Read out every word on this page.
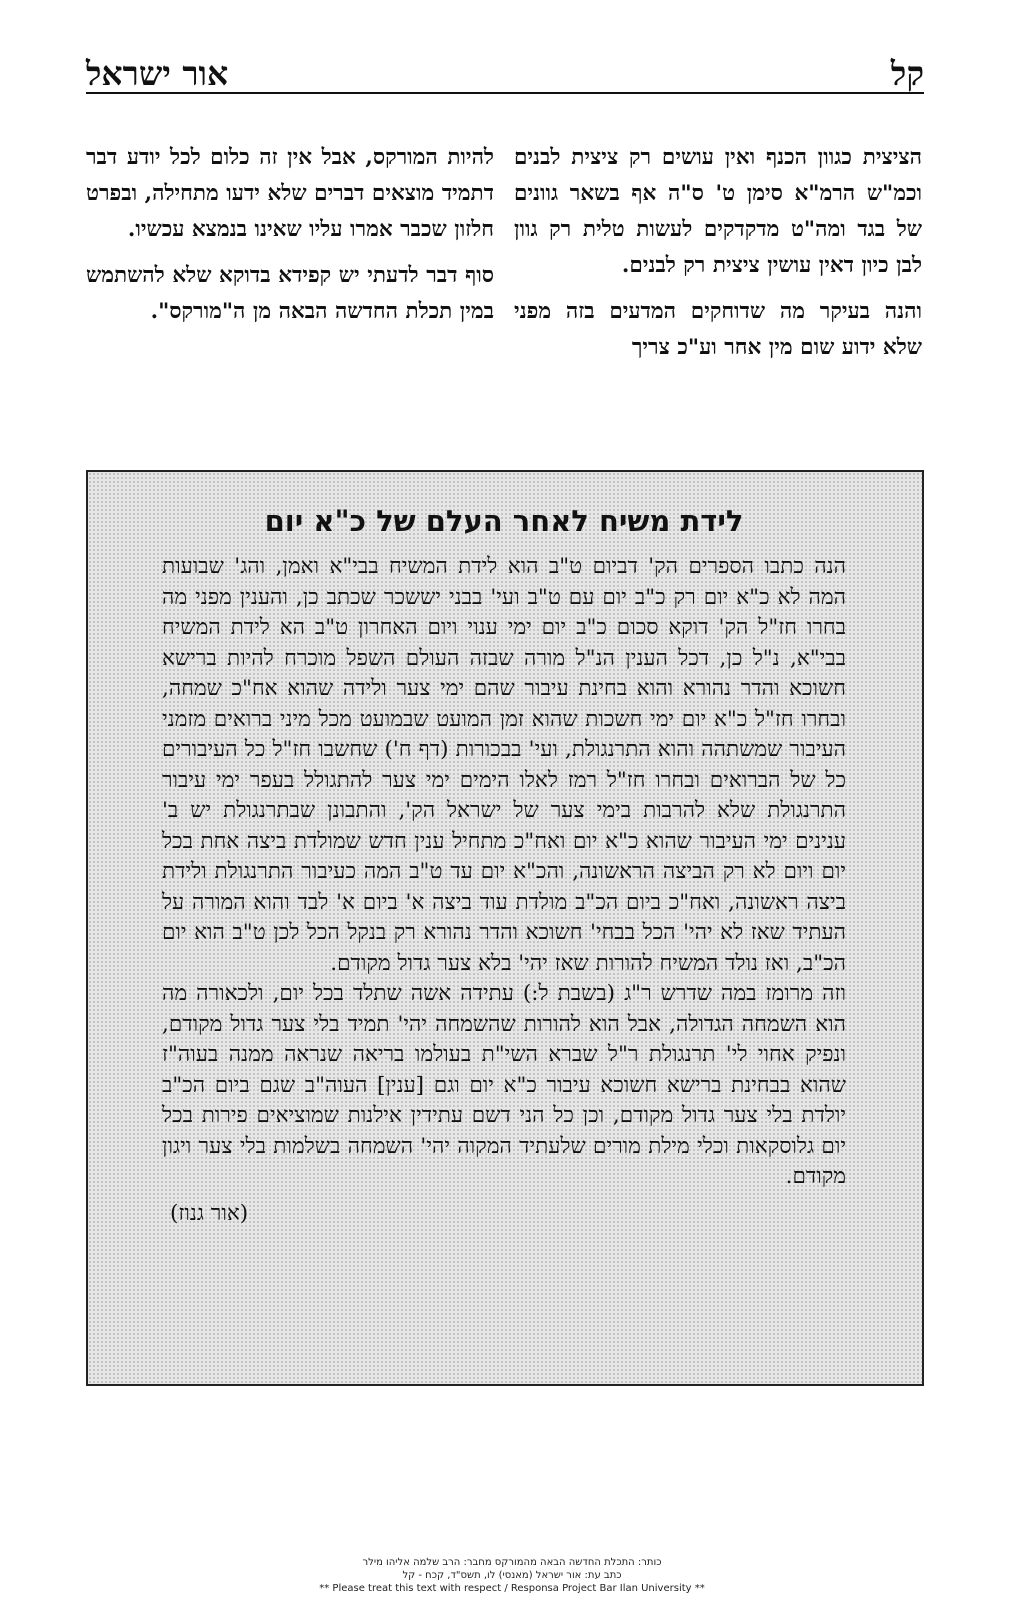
קל
אור ישראל

הציצית כגוון הכנף ואין עושים רק ציצית לבנים וכמ"ש הרמ"א סימן ט' ס"ה אף בשאר גוונים של בגד ומה"ט מדקדקים לעשות טלית רק גוון לבן כיון דאין עושין ציצית רק לבנים.

והנה בעיקר מה שדוחקים המדעים בזה מפני שלא ידוע שום מין אחר וע"כ צריך

להיות המורקס, אבל אין זה כלום לכל יודע דבר דתמיד מוצאים דברים שלא ידעו מתחילה, ובפרט חלזון שכבר אמרו עליו שאינו בנמצא עכשיו.

סוף דבר לדעתי יש קפידא בדוקא שלא להשתמש במין תכלת החדשה הבאה מן ה"מורקס".

לידת משיח לאחר העלם של כ"א יום

הנה כתבו הספרים הק' דביום ט"ב הוא לידת המשיח בבי"א ואמן, והג' שבועות המה לא כ"א יום רק כ"ב יום עם ט"ב ועי' בבני יששכר שכתב כן, והענין מפני מה בחרו חז"ל הק' דוקא סכום כ"ב יום ימי ענוי ויום האחרון ט"ב הא לידת המשיח בבי"א, נ"ל כן, דכל הענין הנ"ל מורה שבזה העולם השפל מוכרח להיות ברישא חשוכא והדר נהורא והוא בחינת עיבור שהם ימי צער ולידה שהוא אח"כ שמחה, ובחרו חז"ל כ"א יום ימי חשכות שהוא זמן המועט שבמועט מכל מיני ברואים מזמני העיבור שמשתהה והוא התרנגולת, ועי' בבכורות (דף ח') שחשבו חז"ל כל העיבורים כל של הברואים ובחרו חז"ל רמז לאלו הימים ימי צער להתגולל בעפר ימי עיבור התרנגולת שלא להרבות בימי צער של ישראל הק', והתבונן שבתרנגולת יש ב' ענינים ימי העיבור שהוא כ"א יום ואח"כ מתחיל ענין חדש שמולדת ביצה אחת בכל יום ויום לא רק הביצה הראשונה, והכ"א יום עד ט"ב המה כעיבור התרנגולת ולידת ביצה ראשונה, ואח"כ ביום הכ"ב מולדת עוד ביצה א' ביום א' לבד והוא המורה על העתיד שאז לא יהי' הכל בבחי' חשוכא והדר נהורא רק בנקל הכל לכן ט"ב הוא יום הכ"ב, ואז נולד המשיח להורות שאז יהי' בלא צער גדול מקודם.

וזה מרומז במה שדרש ר"ג (בשבת ל:) עתידה אשה שתלד בכל יום, ולכאורה מה הוא השמחה הגדולה, אבל הוא להורות שהשמחה יהי' תמיד בלי צער גדול מקודם, ונפיק אחוי לי' תרנגולת ר"ל שברא השי"ת בעולמו בריאה שנראה ממנה בעוה"ז שהוא בבחינת ברישא חשוכא עיבור כ"א יום וגם [ענין] העוה"ב שגם ביום הכ"ב יולדת בלי צער גדול מקודם, וכן כל הני דשם עתידין אילנות שמוציאים פירות בכל יום גלוסקאות וכלי מילת מורים שלעתיד המקוה יהי' השמחה בשלמות בלי צער ויגון מקודם.

(אור גנוז)
כותר: התכלת החדשה הבאה מהמורקס מחבר: הרב שלמה אליהו מילר
כתב עת: אור ישראל (מאנסי) לו, תשס"ד, קכח - קל
** Please treat this text with respect / Responsa Project Bar Ilan University **
